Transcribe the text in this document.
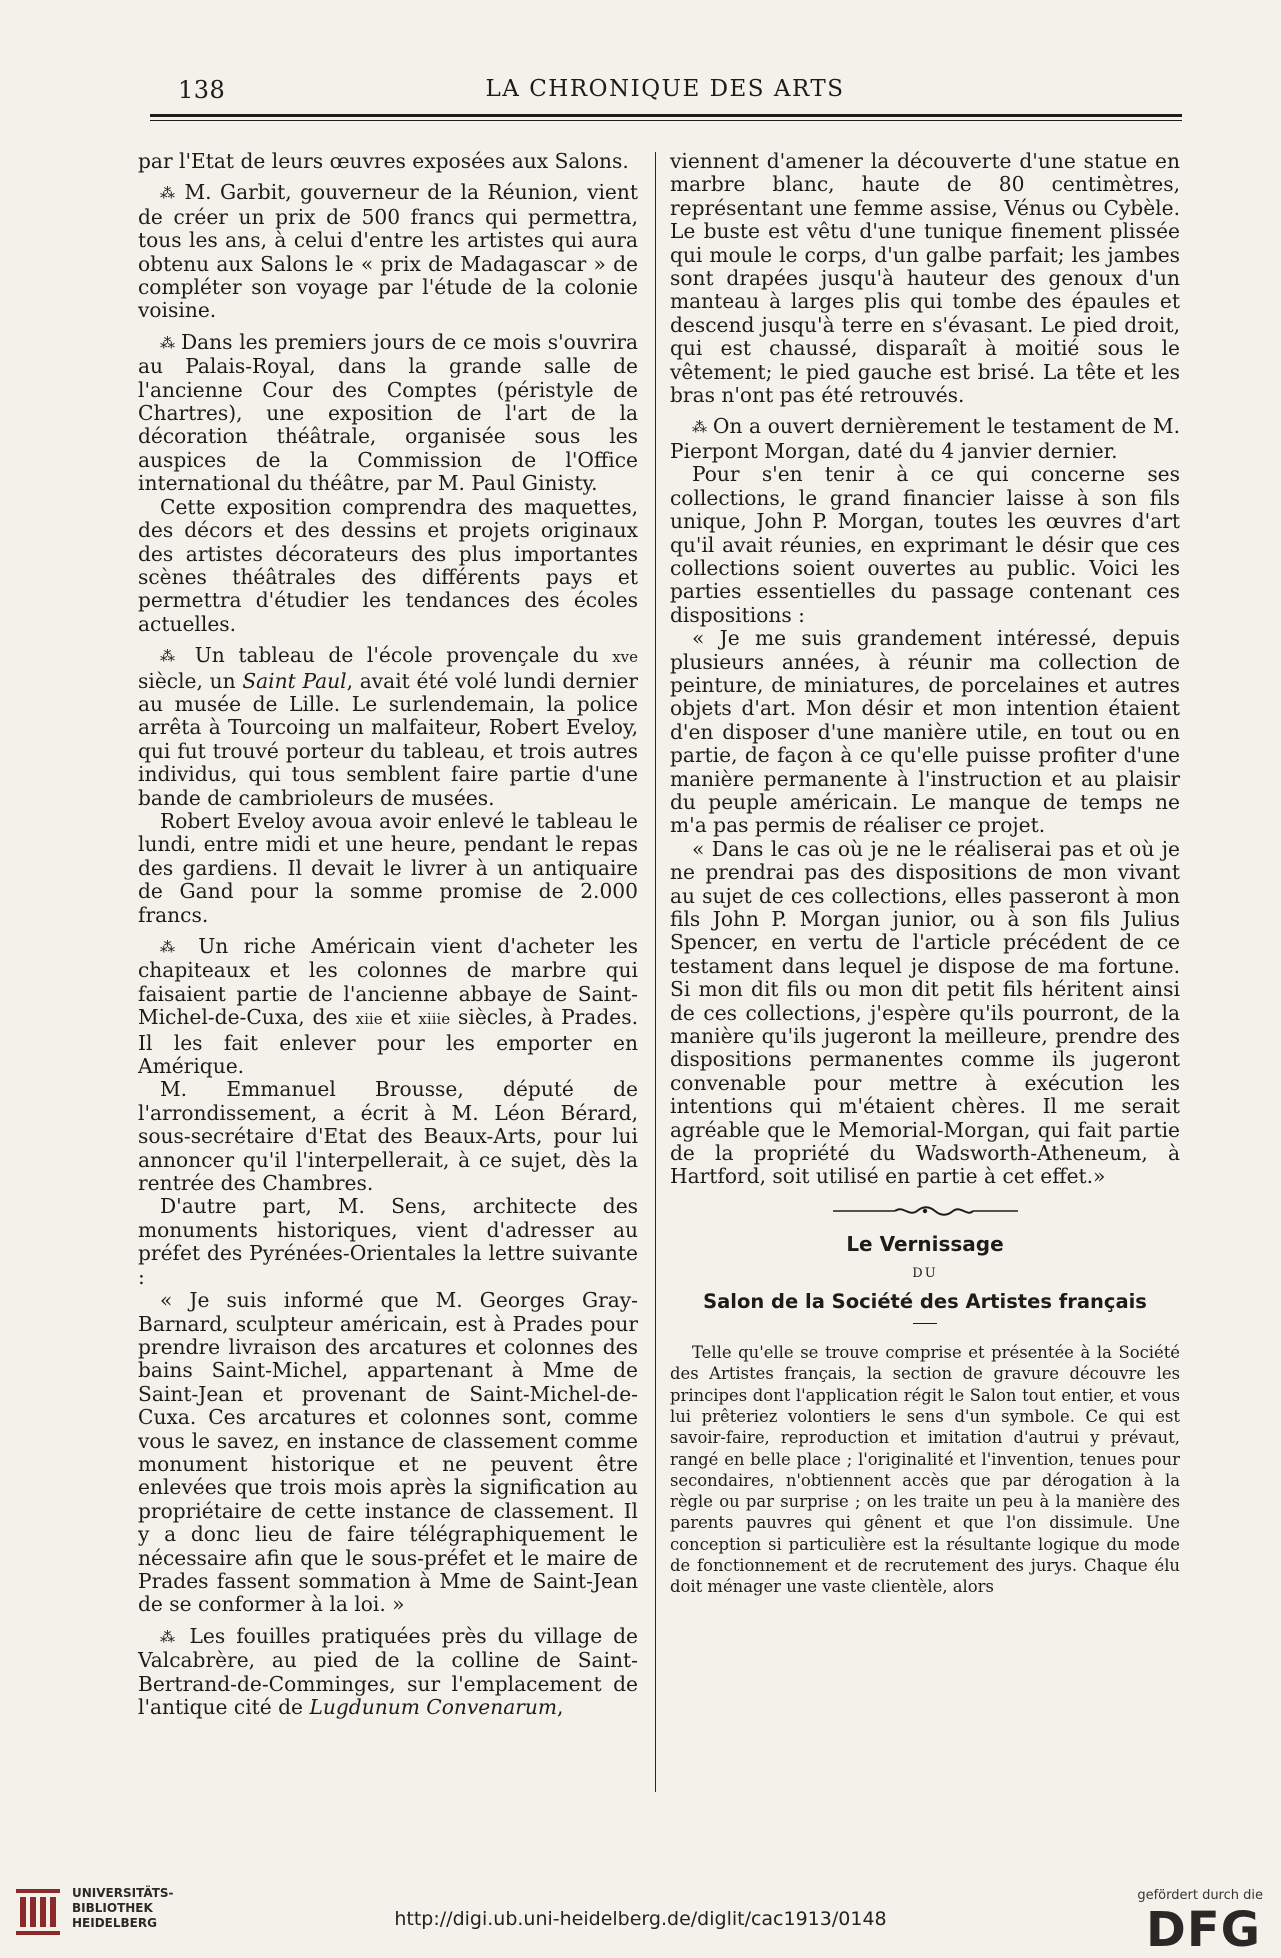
138	LA CHRONIQUE DES ARTS

par l'Etat de leurs œuvres exposées aux Salons.

⁂ M. Garbit, gouverneur de la Réunion, vient de créer un prix de 500 francs qui permettra, tous les ans, à celui d'entre les artistes qui aura obtenu aux Salons le « prix de Madagascar » de compléter son voyage par l'étude de la colonie voisine.

⁂ Dans les premiers jours de ce mois s'ouvrira au Palais-Royal, dans la grande salle de l'ancienne Cour des Comptes (péristyle de Chartres), une exposition de l'art de la décoration théâtrale, organisée sous les auspices de la Commission de l'Office international du théâtre, par M. Paul Ginisty.

Cette exposition comprendra des maquettes, des décors et des dessins et projets originaux des artistes décorateurs des plus importantes scènes théâtrales des différents pays et permettra d'étudier les tendances des écoles actuelles.

⁂ Un tableau de l'école provençale du xve siècle, un Saint Paul, avait été volé lundi dernier au musée de Lille. Le surlendemain, la police arrêta à Tourcoing un malfaiteur, Robert Eveloy, qui fut trouvé porteur du tableau, et trois autres individus, qui tous semblent faire partie d'une bande de cambrioleurs de musées.

Robert Eveloy avoua avoir enlevé le tableau le lundi, entre midi et une heure, pendant le repas des gardiens. Il devait le livrer à un antiquaire de Gand pour la somme promise de 2.000 francs.

⁂ Un riche Américain vient d'acheter les chapiteaux et les colonnes de marbre qui faisaient partie de l'ancienne abbaye de Saint-Michel-de-Cuxa, des xiie et xiiie siècles, à Prades. Il les fait enlever pour les emporter en Amérique.

M. Emmanuel Brousse, député de l'arrondissement, a écrit à M. Léon Bérard, sous-secrétaire d'Etat des Beaux-Arts, pour lui annoncer qu'il l'interpellerait, à ce sujet, dès la rentrée des Chambres.

D'autre part, M. Sens, architecte des monuments historiques, vient d'adresser au préfet des Pyrénées-Orientales la lettre suivante :

« Je suis informé que M. Georges Gray-Barnard, sculpteur américain, est à Prades pour prendre livraison des arcatures et colonnes des bains Saint-Michel, appartenant à Mme de Saint-Jean et provenant de Saint-Michel-de-Cuxa. Ces arcatures et colonnes sont, comme vous le savez, en instance de classement comme monument historique et ne peuvent être enlevées que trois mois après la signification au propriétaire de cette instance de classement. Il y a donc lieu de faire télégraphiquement le nécessaire afin que le sous-préfet et le maire de Prades fassent sommation à Mme de Saint-Jean de se conformer à la loi. »

⁂ Les fouilles pratiquées près du village de Valcabrère, au pied de la colline de Saint-Bertrand-de-Comminges, sur l'emplacement de l'antique cité de Lugdunum Convenarum,

viennent d'amener la découverte d'une statue en marbre blanc, haute de 80 centimètres, représentant une femme assise, Vénus ou Cybèle. Le buste est vêtu d'une tunique finement plissée qui moule le corps, d'un galbe parfait; les jambes sont drapées jusqu'à hauteur des genoux d'un manteau à larges plis qui tombe des épaules et descend jusqu'à terre en s'évasant. Le pied droit, qui est chaussé, disparaît à moitié sous le vêtement; le pied gauche est brisé. La tête et les bras n'ont pas été retrouvés.

⁂ On a ouvert dernièrement le testament de M. Pierpont Morgan, daté du 4 janvier dernier.

Pour s'en tenir à ce qui concerne ses collections, le grand financier laisse à son fils unique, John P. Morgan, toutes les œuvres d'art qu'il avait réunies, en exprimant le désir que ces collections soient ouvertes au public. Voici les parties essentielles du passage contenant ces dispositions :

« Je me suis grandement intéressé, depuis plusieurs années, à réunir ma collection de peinture, de miniatures, de porcelaines et autres objets d'art. Mon désir et mon intention étaient d'en disposer d'une manière utile, en tout ou en partie, de façon à ce qu'elle puisse profiter d'une manière permanente à l'instruction et au plaisir du peuple américain. Le manque de temps ne m'a pas permis de réaliser ce projet.

« Dans le cas où je ne le réaliserai pas et où je ne prendrai pas des dispositions de mon vivant au sujet de ces collections, elles passeront à mon fils John P. Morgan junior, ou à son fils Julius Spencer, en vertu de l'article précédent de ce testament dans lequel je dispose de ma fortune. Si mon dit fils ou mon dit petit fils héritent ainsi de ces collections, j'espère qu'ils pourront, de la manière qu'ils jugeront la meilleure, prendre des dispositions permanentes comme ils jugeront convenable pour mettre à exécution les intentions qui m'étaient chères. Il me serait agréable que le Memorial-Morgan, qui fait partie de la propriété du Wadsworth-Atheneum, à Hartford, soit utilisé en partie à cet effet.»

Le Vernissage
DU
Salon de la Société des Artistes français

Telle qu'elle se trouve comprise et présentée à la Société des Artistes français, la section de gravure découvre les principes dont l'application régit le Salon tout entier, et vous lui prêteriez volontiers le sens d'un symbole. Ce qui est savoir-faire, reproduction et imitation d'autrui y prévaut, rangé en belle place ; l'originalité et l'invention, tenues pour secondaires, n'obtiennent accès que par dérogation à la règle ou par surprise ; on les traite un peu à la manière des parents pauvres qui gênent et que l'on dissimule. Une conception si particulière est la résultante logique du mode de fonctionnement et de recrutement des jurys. Chaque élu doit ménager une vaste clientèle, alors

UNIVERSITÄTS-
BIBLIOTHEK
HEIDELBERG	http://digi.ub.uni-heidelberg.de/diglit/cac1913/0148
gefördert durch die
DFG
